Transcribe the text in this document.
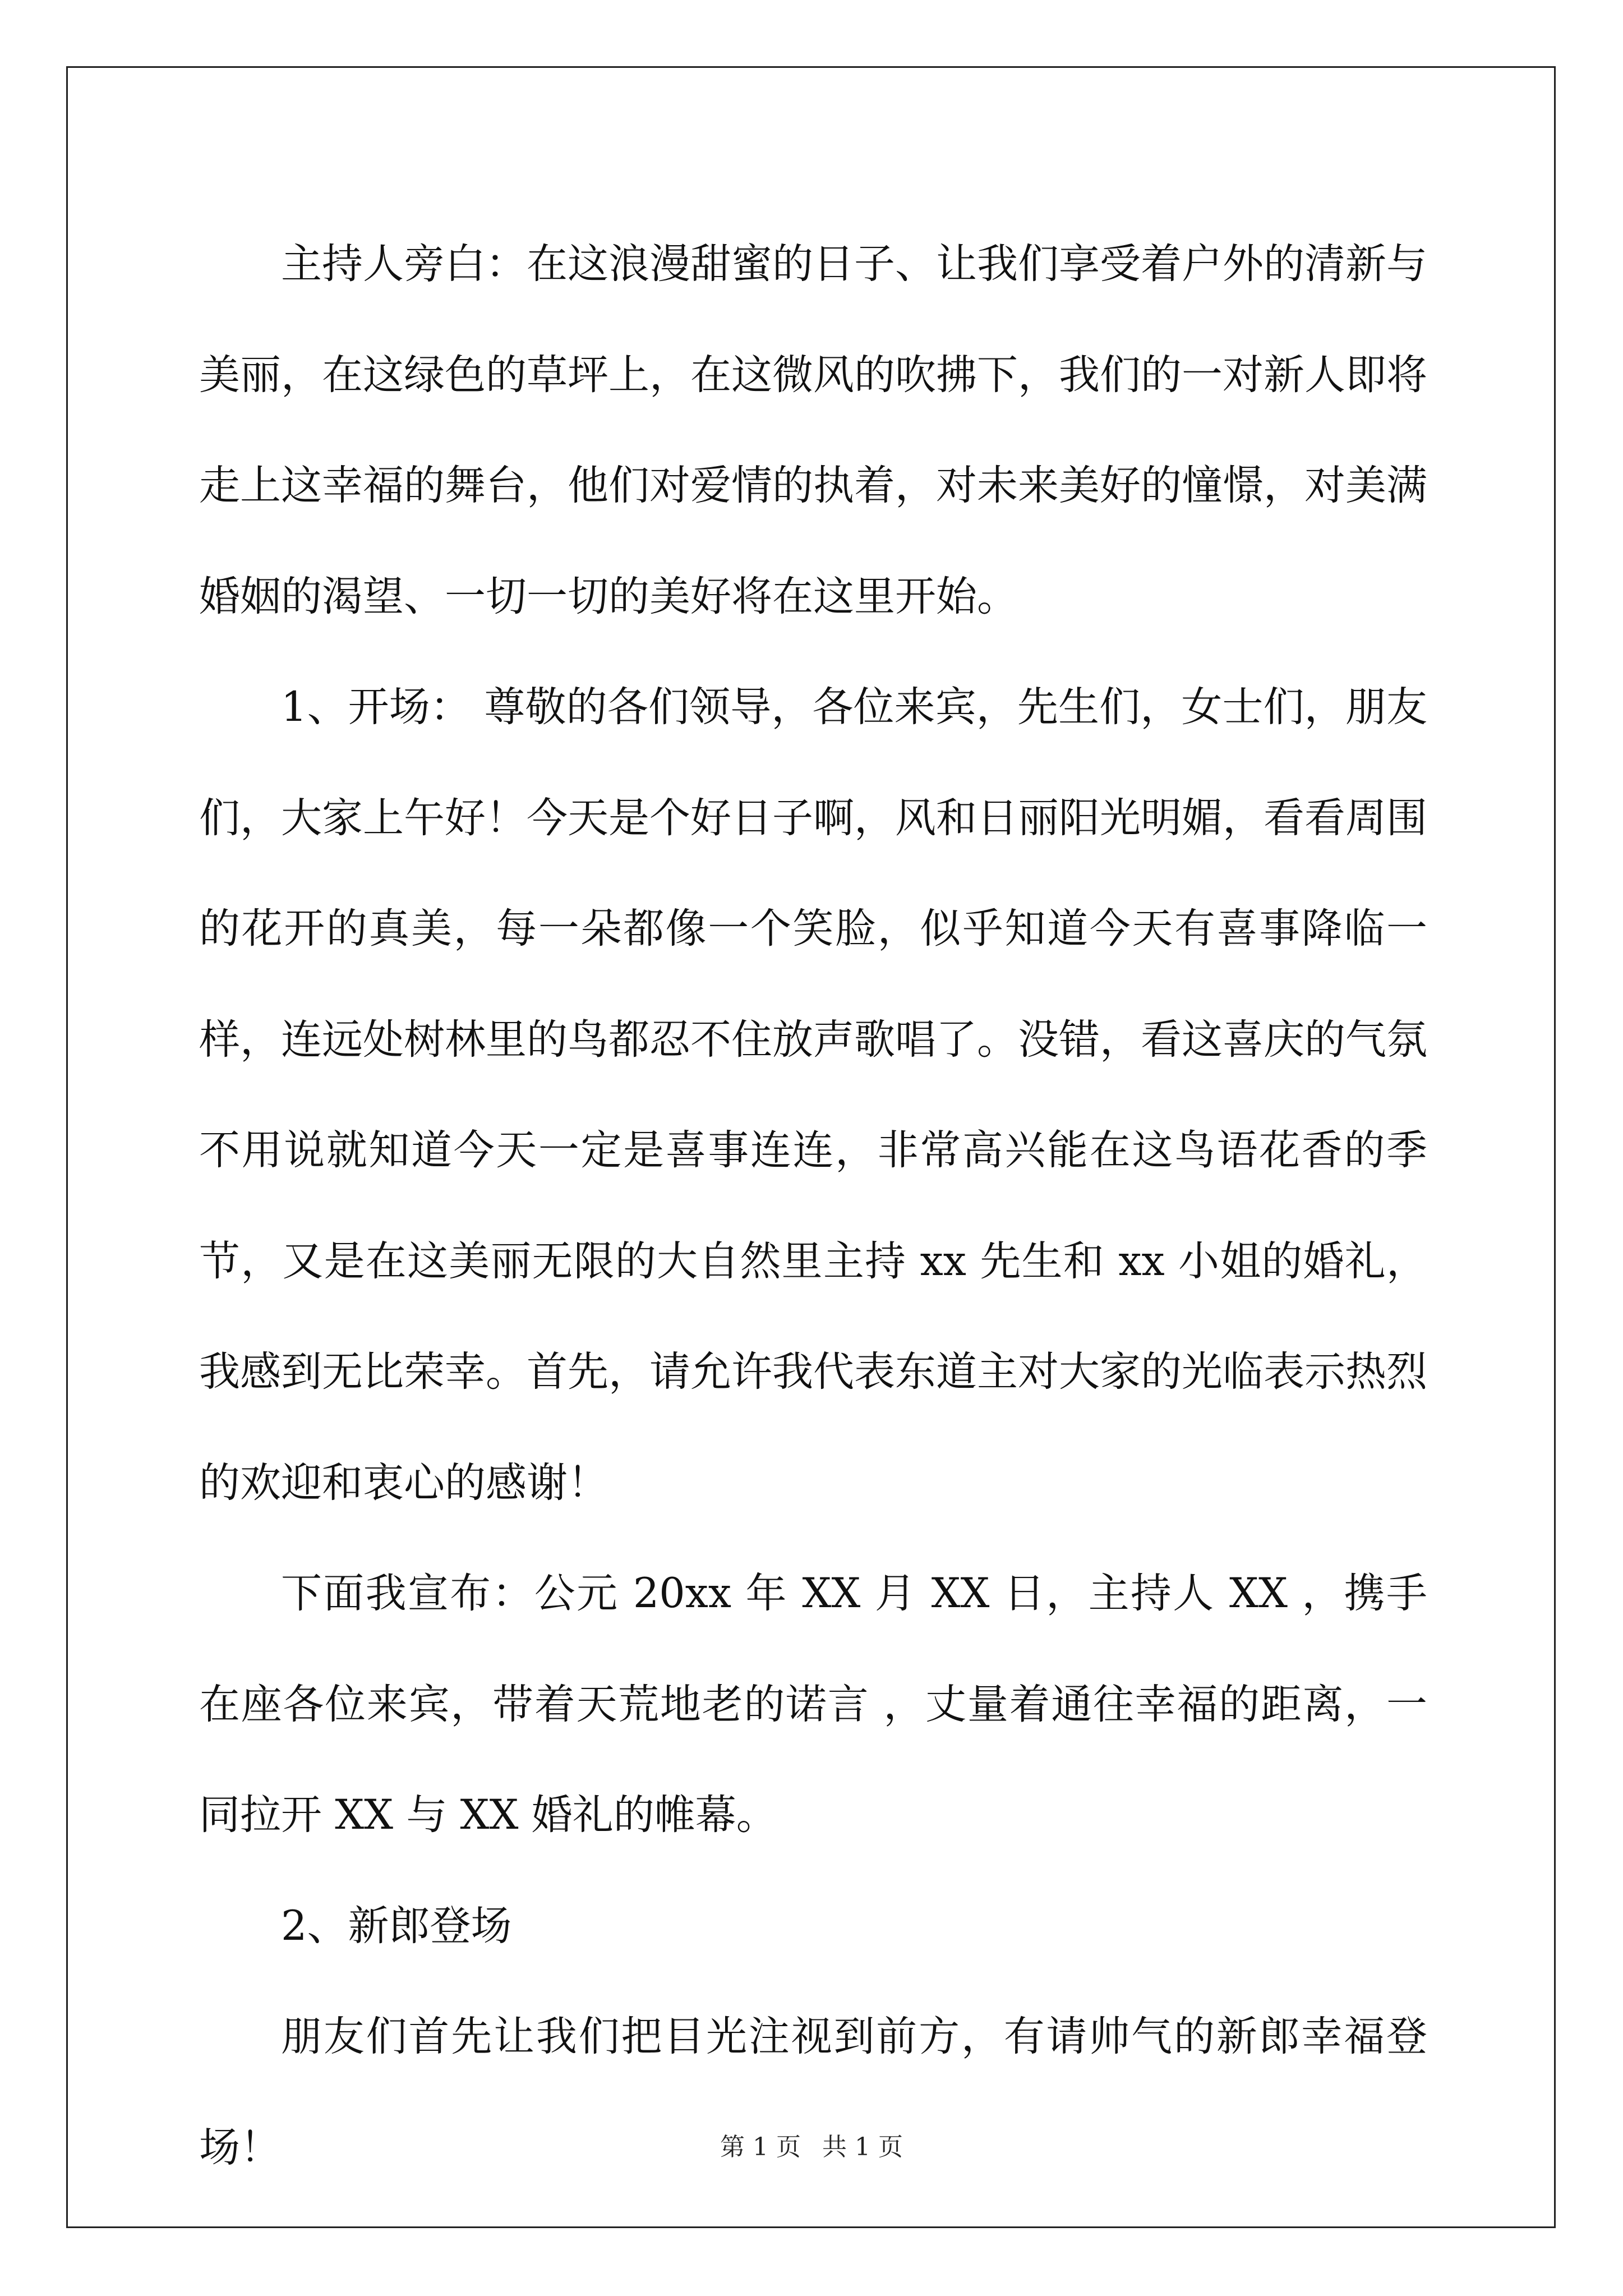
主持人旁白：在这浪漫甜蜜的日子、让我们享受着户外的清新与美丽，在这绿色的草坪上，在这微风的吹拂下，我们的一对新人即将走上这幸福的舞台，他们对爱情的执着，对未来美好的憧憬，对美满婚姻的渴望、一切一切的美好将在这里开始。

1、开场： 尊敬的各们领导，各位来宾，先生们，女士们，朋友们，大家上午好！今天是个好日子啊，风和日丽阳光明媚，看看周围的花开的真美，每一朵都像一个笑脸，似乎知道今天有喜事降临一样，连远处树林里的鸟都忍不住放声歌唱了。没错，看这喜庆的气氛不用说就知道今天一定是喜事连连，非常高兴能在这鸟语花香的季节，又是在这美丽无限的大自然里主持 xx 先生和 xx 小姐的婚礼，我感到无比荣幸。首先，请允许我代表东道主对大家的光临表示热烈的欢迎和衷心的感谢！

下面我宣布：公元 20xx 年 XX 月 XX 日，主持人 XX ，携手在座各位来宾，带着天荒地老的诺言 ，丈量着通往幸福的距离，一同拉开 XX 与 XX 婚礼的帷幕。

2、新郎登场

朋友们首先让我们把目光注视到前方，有请帅气的新郎幸福登场！	第 1 页 共 1 页
